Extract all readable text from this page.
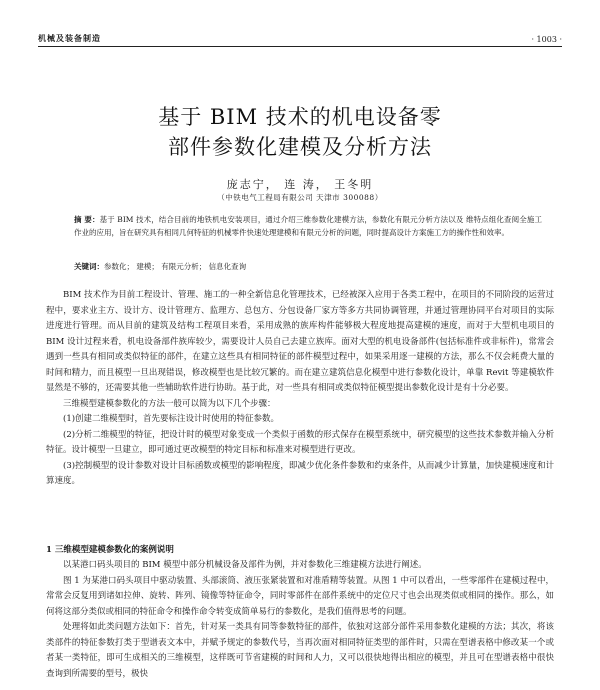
机械及装备制造	· 1003 ·
基于 BIM 技术的机电设备零
部件参数化建模及分析方法
庞志宁， 连 涛， 王冬明
（中铁电气工程局有限公司 天津市 300088）
摘 要：基于 BIM 技术，结合目前的地铁机电安装项目，通过介绍三维参数化建模方法，参数化有限元分析方法以及 维特点组化查阅全施工作业的应用，旨在研究具有相同几何特征的机械零件快速处理建模和有限元分析的问题，同时提高设计方案施工方的操作性和效率。
关键词：参数化； 建模； 有限元分析； 信息化查询

BIM 技术作为目前工程设计、管理、施工的一种全新信息化管理技术，已经被深入应用于各类工程中，在项目的不同阶段的运营过程中，要求业主方、设计方、设计管理方、监理方、总包方、分包设备厂家方等多方共同协调管理，并通过管理协同平台对项目的实际进度进行管理。而从目前的建筑及结构工程项目来看，采用成熟的族库构件能够极大程度地提高建模的速度，而对于大型机电项目的 BIM 设计过程来看，机电设备部件族库较少，需要设计人员自己去建立族库。面对大型的机电设备部件(包括标准件或非标件)，常常会遇到一些具有相同或类似特征的部件，在建立这些具有相同特征的部件模型过程中，如果采用逐一建模的方法，那么不仅会耗费大量的时间和精力，而且模型一旦出现错误，修改模型也是比较冗繁的。而在建立建筑信息化模型中进行参数化设计，单靠 Revit 等建模软件显然是不够的，还需要其他一些辅助软件进行协助。基于此，对一些具有相同或类似特征模型提出参数化设计是有十分必要。

三维模型建模参数化的方法一般可以简为以下几个步骤：

(1)创建二维模型时，首先要标注设计时使用的特征参数。

(2)分析二维模型的特征，把设计时的模型对象变成一个类似于函数的形式保存在模型系统中，研究模型的这些技术参数并输入分析特征。设计模型一旦建立，即可通过更改模型的特定目标和标准来对模型进行更改。

(3)控制模型的设计参数对设计目标函数或模型的影响程度，即减少优化条件参数和约束条件，从而减少计算量，加快建模速度和计算速度。

1 三维模型建模参数化的案例说明

以某港口码头项目的 BIM 模型中部分机械设备及部件为例，并对参数化三维建模方法进行阐述。

图 1 为某港口码头项目中驱动装置、头部滚筒、液压张紧装置和对准盾精等装置。从图 1 中可以看出，一些零部件在建模过程中，常常会反复用到诸如拉伸、旋转、阵列、镜像等特征命令，同时零部件在部件系统中的定位尺寸也会出现类似或相同的操作。那么，如何将这部分类似或相同的特征命令和操作命令转变成简单易行的参数化，是我们值得思考的问题。

处理将如此类问题方法如下：首先，针对某一类具有同等参数特征的部件，依独对这部分部件采用参数化建模的方法；其次，将该类部件的特征参数打类于型谱表文本中，并赋予规定的参数代号，当再次面对相同特征类型的部件时，只需在型谱表格中修改某一个或者某一类特征，即可生成相关的三维模型，这样既可节省建模的时间和人力，又可以很快地得出相应的模型，并且可在型谱表格中很快查询到所需要的型号，极快
